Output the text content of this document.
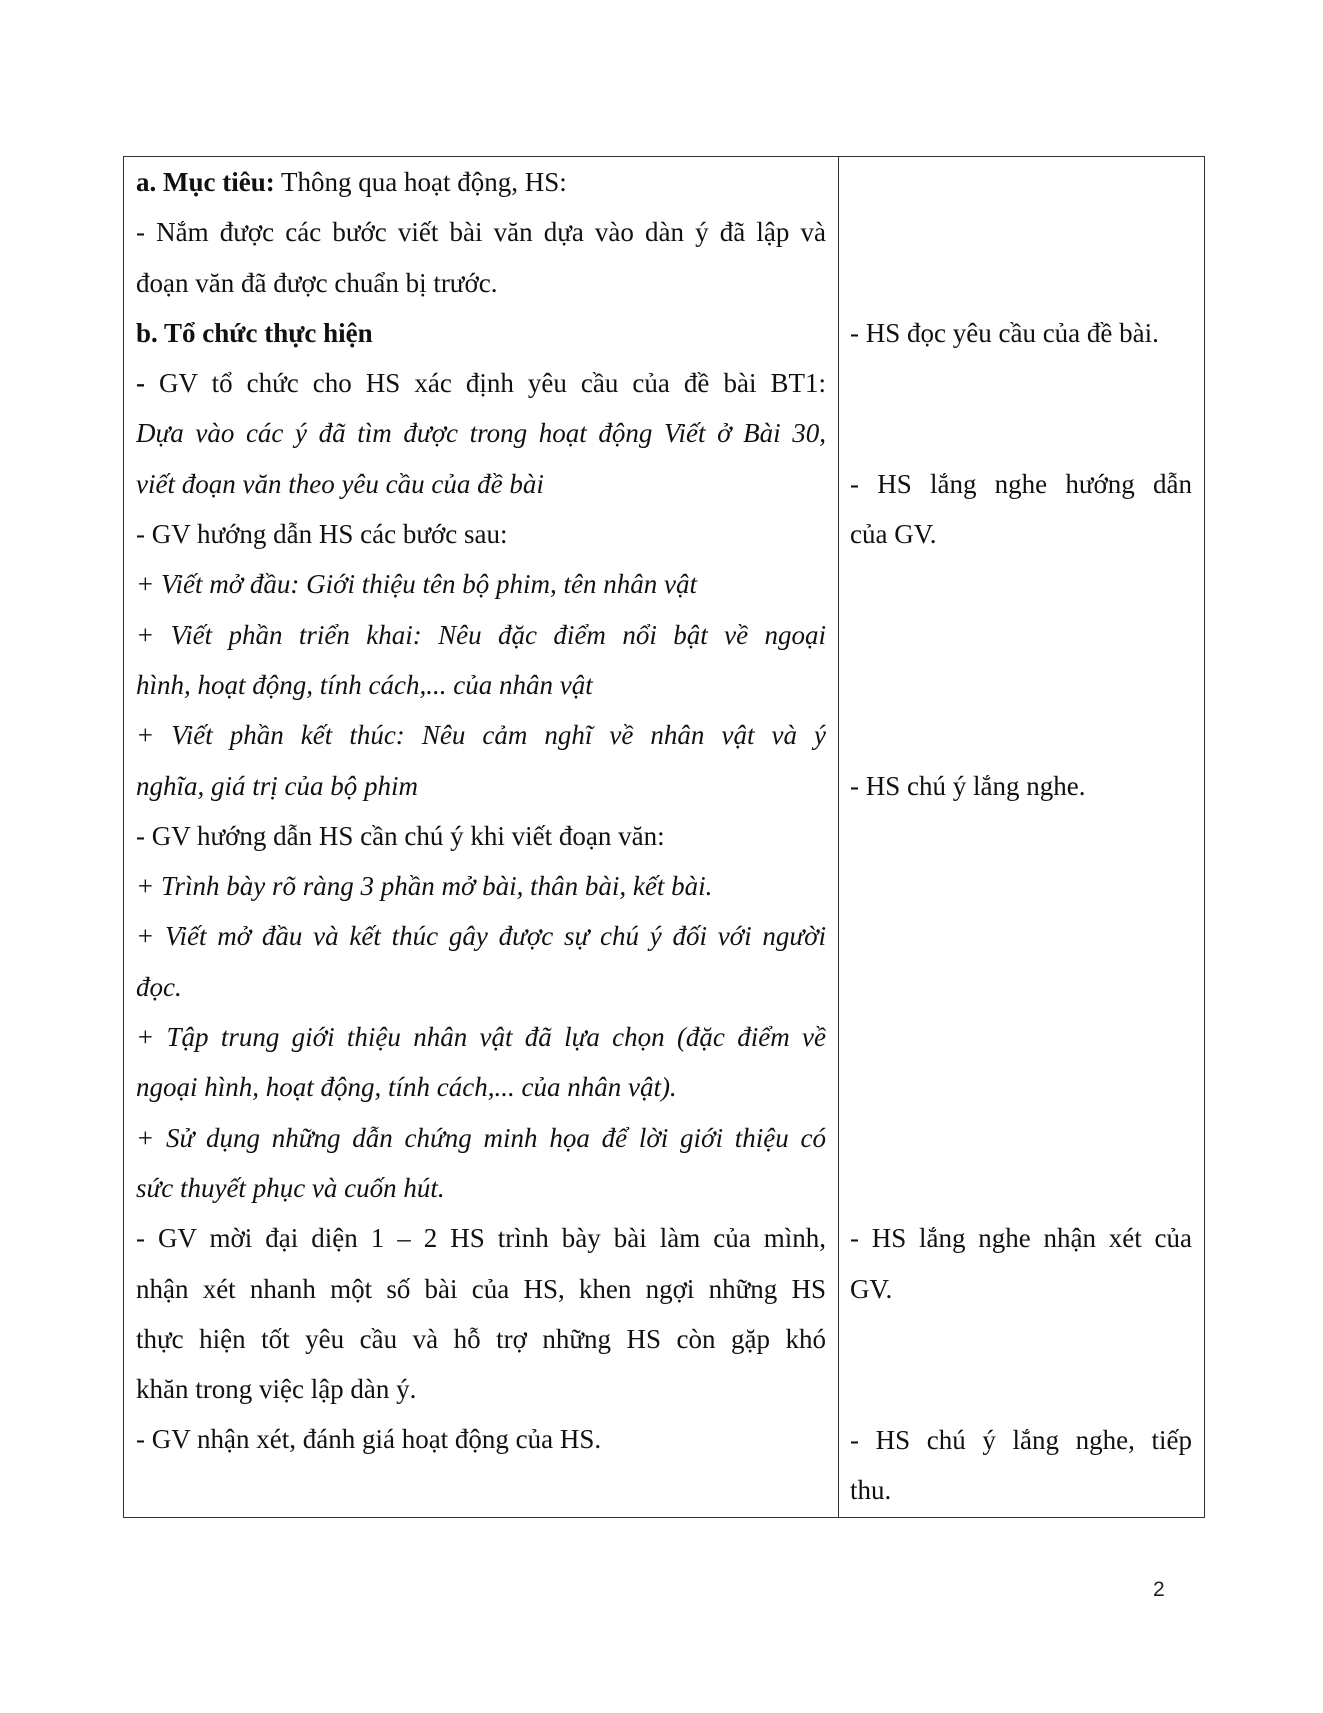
a. Mục tiêu: Thông qua hoạt động, HS:
- Nắm được các bước viết bài văn dựa vào dàn ý đã lập và
đoạn văn đã được chuẩn bị trước.
b. Tổ chức thực hiện
- GV tổ chức cho HS xác định yêu cầu của đề bài BT1:
Dựa vào các ý đã tìm được trong hoạt động Viết ở Bài 30,
viết đoạn văn theo yêu cầu của đề bài
- GV hướng dẫn HS các bước sau:
+ Viết mở đầu: Giới thiệu tên bộ phim, tên nhân vật
+ Viết phần triển khai: Nêu đặc điểm nổi bật về ngoại
hình, hoạt động, tính cách,... của nhân vật
+ Viết phần kết thúc: Nêu cảm nghĩ về nhân vật và ý
nghĩa, giá trị của bộ phim
- GV hướng dẫn HS cần chú ý khi viết đoạn văn:
+ Trình bày rõ ràng 3 phần mở bài, thân bài, kết bài.
+ Viết mở đầu và kết thúc gây được sự chú ý đối với người
đọc.
+ Tập trung giới thiệu nhân vật đã lựa chọn (đặc điểm về
ngoại hình, hoạt động, tính cách,... của nhân vật).
+ Sử dụng những dẫn chứng minh họa để lời giới thiệu có
sức thuyết phục và cuốn hút.
- GV mời đại diện 1 – 2 HS trình bày bài làm của mình,
nhận xét nhanh một số bài của HS, khen ngợi những HS
thực hiện tốt yêu cầu và hỗ trợ những HS còn gặp khó
khăn trong việc lập dàn ý.
- GV nhận xét, đánh giá hoạt động của HS.
- HS đọc yêu cầu của đề bài.
- HS lắng nghe hướng dẫn
của GV.
- HS chú ý lắng nghe.
- HS lắng nghe nhận xét của
GV.
- HS chú ý lắng nghe, tiếp
thu.
2
